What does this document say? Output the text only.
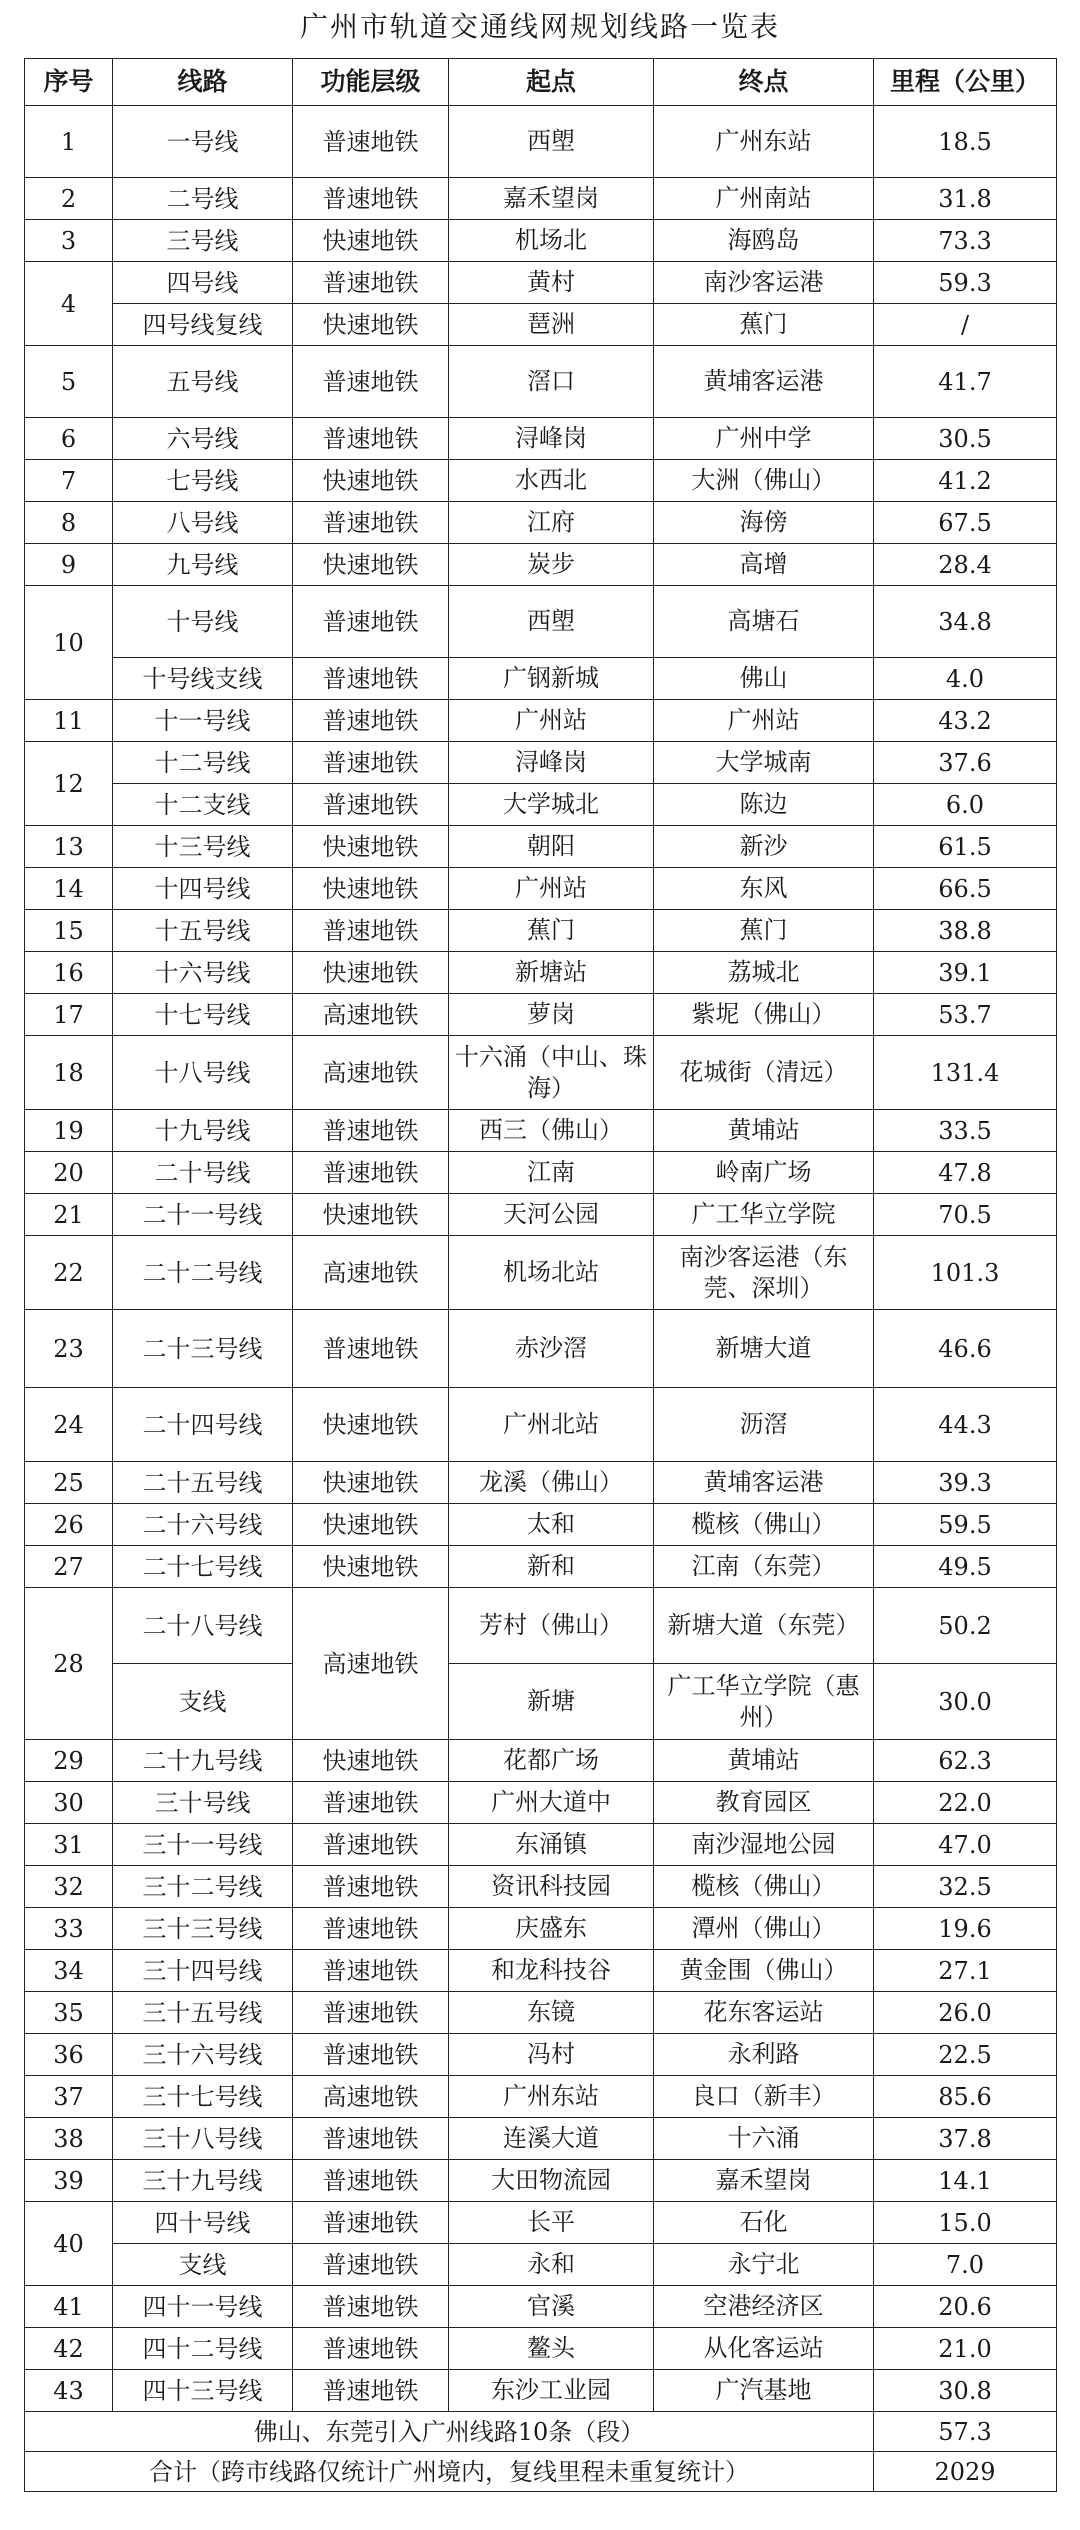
广州市轨道交通线网规划线路一览表
序号	线路	功能层级	起点	终点	里程（公里）
1	一号线	普速地铁	西塱	广州东站	18.5
2	二号线	普速地铁	嘉禾望岗	广州南站	31.8
3	三号线	快速地铁	机场北	海鸥岛	73.3
4	四号线	普速地铁	黄村	南沙客运港	59.3
	四号线复线	快速地铁	琶洲	蕉门	/
5	五号线	普速地铁	滘口	黄埔客运港	41.7
6	六号线	普速地铁	浔峰岗	广州中学	30.5
7	七号线	快速地铁	水西北	大洲（佛山）	41.2
8	八号线	普速地铁	江府	海傍	67.5
9	九号线	快速地铁	炭步	高增	28.4
10	十号线	普速地铁	西塱	高塘石	34.8
	十号线支线	普速地铁	广钢新城	佛山	4.0
11	十一号线	普速地铁	广州站	广州站	43.2
12	十二号线	普速地铁	浔峰岗	大学城南	37.6
	十二支线	普速地铁	大学城北	陈边	6.0
13	十三号线	快速地铁	朝阳	新沙	61.5
14	十四号线	快速地铁	广州站	东风	66.5
15	十五号线	普速地铁	蕉门	蕉门	38.8
16	十六号线	快速地铁	新塘站	荔城北	39.1
17	十七号线	高速地铁	萝岗	紫坭（佛山）	53.7
18	十八号线	高速地铁	十六涌（中山、珠海）	花城街（清远）	131.4
19	十九号线	普速地铁	西三（佛山）	黄埔站	33.5
20	二十号线	普速地铁	江南	岭南广场	47.8
21	二十一号线	快速地铁	天河公园	广工华立学院	70.5
22	二十二号线	高速地铁	机场北站	南沙客运港（东莞、深圳）	101.3
23	二十三号线	普速地铁	赤沙滘	新塘大道	46.6
24	二十四号线	快速地铁	广州北站	沥滘	44.3
25	二十五号线	快速地铁	龙溪（佛山）	黄埔客运港	39.3
26	二十六号线	快速地铁	太和	榄核（佛山）	59.5
27	二十七号线	快速地铁	新和	江南（东莞）	49.5
28	二十八号线	高速地铁	芳村（佛山）	新塘大道（东莞）	50.2
	支线		新塘	广工华立学院（惠州）	30.0
29	二十九号线	快速地铁	花都广场	黄埔站	62.3
30	三十号线	普速地铁	广州大道中	教育园区	22.0
31	三十一号线	普速地铁	东涌镇	南沙湿地公园	47.0
32	三十二号线	普速地铁	资讯科技园	榄核（佛山）	32.5
33	三十三号线	普速地铁	庆盛东	潭州（佛山）	19.6
34	三十四号线	普速地铁	和龙科技谷	黄金围（佛山）	27.1
35	三十五号线	普速地铁	东镜	花东客运站	26.0
36	三十六号线	普速地铁	冯村	永利路	22.5
37	三十七号线	高速地铁	广州东站	良口（新丰）	85.6
38	三十八号线	普速地铁	连溪大道	十六涌	37.8
39	三十九号线	普速地铁	大田物流园	嘉禾望岗	14.1
40	四十号线	普速地铁	长平	石化	15.0
	支线	普速地铁	永和	永宁北	7.0
41	四十一号线	普速地铁	官溪	空港经济区	20.6
42	四十二号线	普速地铁	鳌头	从化客运站	21.0
43	四十三号线	普速地铁	东沙工业园	广汽基地	30.8
佛山、东莞引入广州线路10条（段）					57.3
合计（跨市线路仅统计广州境内，复线里程未重复统计）					2029
